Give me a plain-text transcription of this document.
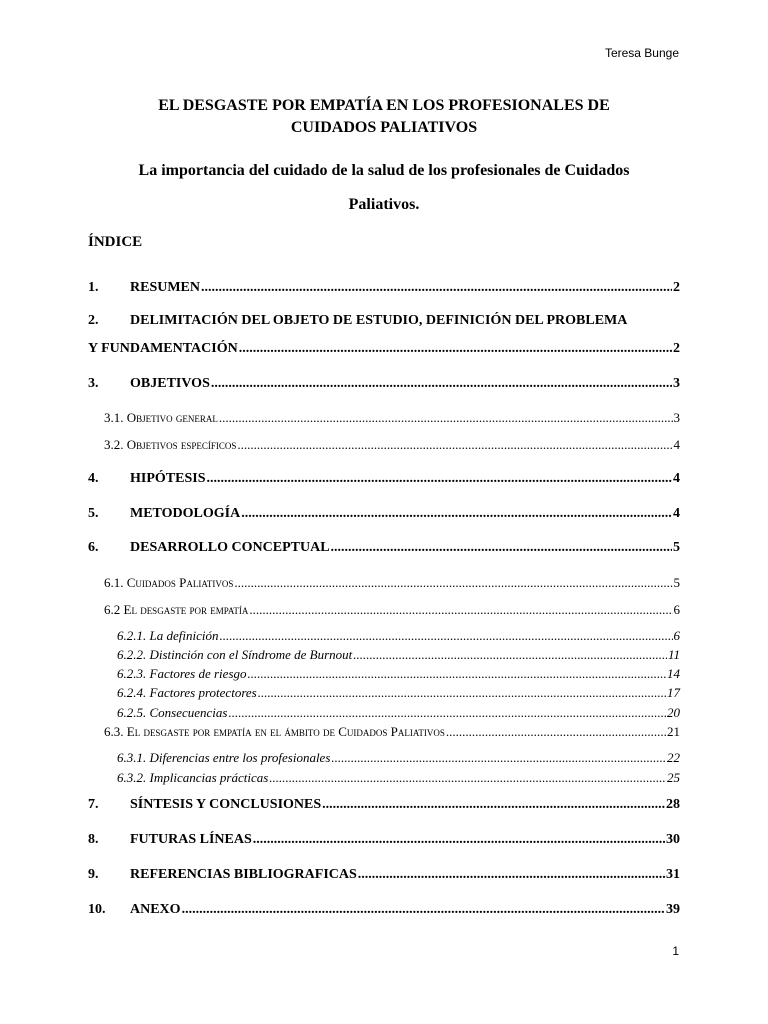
Teresa Bunge
EL DESGASTE POR EMPATÍA EN LOS PROFESIONALES DE
CUIDADOS PALIATIVOS
La importancia del cuidado de la salud de los profesionales de Cuidados
Paliativos.
ÍNDICE
1. RESUMEN .....	2
2. DELIMITACIÓN DEL OBJETO DE ESTUDIO, DEFINICIÓN DEL PROBLEMA
Y FUNDAMENTACIÓN .....	2
3. OBJETIVOS .....	3
3.1. Objetivo general .....	3
3.2. Objetivos específicos .....	4
4. HIPÓTESIS .....	4
5. METODOLOGÍA .....	4
6. DESARROLLO CONCEPTUAL .....	5
6.1. Cuidados Paliativos .....	5
6.2 El desgaste por empatía .....	6
6.2.1. La definición .....	6
6.2.2. Distinción con el Síndrome de Burnout .....	11
6.2.3. Factores de riesgo .....	14
6.2.4. Factores protectores .....	17
6.2.5. Consecuencias .....	20
6.3. El desgaste por empatía en el ámbito de Cuidados Paliativos .....	21
6.3.1. Diferencias entre los profesionales .....	22
6.3.2. Implicancias prácticas .....	25
7. SÍNTESIS Y CONCLUSIONES .....	28
8. FUTURAS LÍNEAS .....	30
9. REFERENCIAS BIBLIOGRAFICAS .....	31
10. ANEXO .....	39
1
